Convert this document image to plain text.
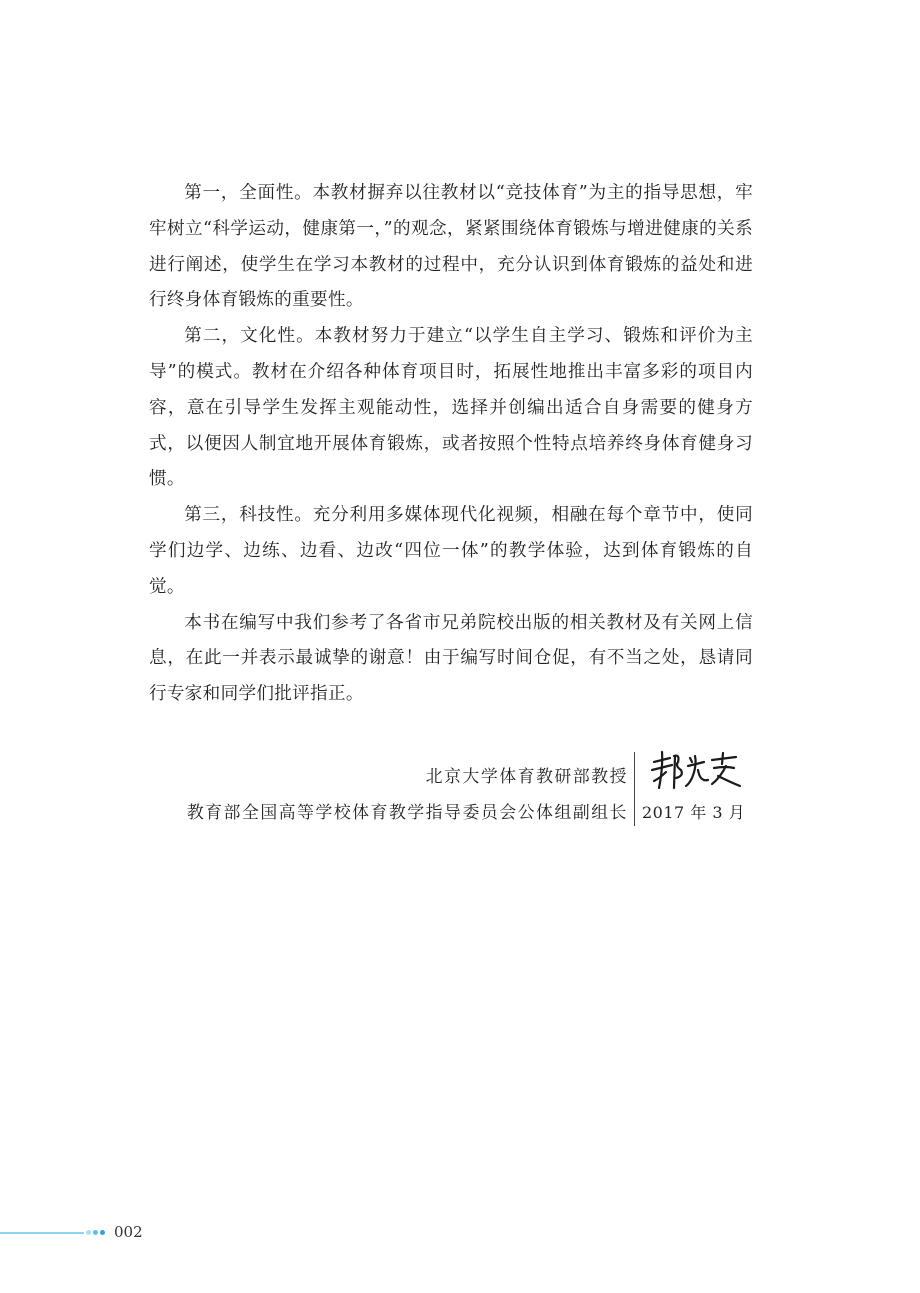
第一，全面性。本教材摒弃以往教材以“竞技体育”为主的指导思想，牢牢树立“科学运动，健康第一，”的观念，紧紧围绕体育锻炼与增进健康的关系进行阐述，使学生在学习本教材的过程中，充分认识到体育锻炼的益处和进行终身体育锻炼的重要性。

第二，文化性。本教材努力于建立“以学生自主学习、锻炼和评价为主导”的模式。教材在介绍各种体育项目时，拓展性地推出丰富多彩的项目内容，意在引导学生发挥主观能动性，选择并创编出适合自身需要的健身方式，以便因人制宜地开展体育锻炼，或者按照个性特点培养终身体育健身习惯。

第三，科技性。充分利用多媒体现代化视频，相融在每个章节中，使同学们边学、边练、边看、边改“四位一体”的教学体验，达到体育锻炼的自觉。

本书在编写中我们参考了各省市兄弟院校出版的相关教材及有关网上信息，在此一并表示最诚挚的谢意！由于编写时间仓促，有不当之处，恳请同行专家和同学们批评指正。

北京大学体育教研部教授
教育部全国高等学校体育教学指导委员会公体组副组长 2017 年 3 月
002
